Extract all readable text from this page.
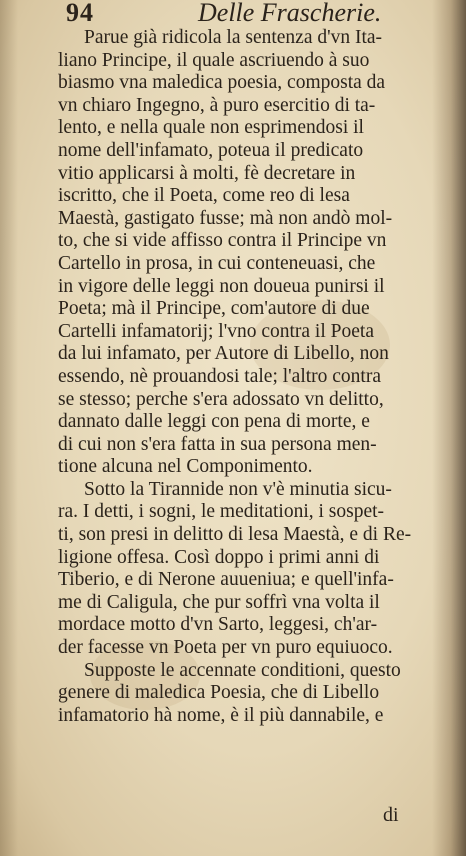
94	Delle Frascherie.
Parue già ridicola la sentenza d'vn Ita-
liano Principe, il quale ascriuendo à suo
biasmo vna maledica poesia, composta da
vn chiaro Ingegno, à puro esercitio di ta-
lento, e nella quale non esprimendosi il
nome dell'infamato, poteua il predicato
vitio applicarsi à molti, fè decretare in
iscritto, che il Poeta, come reo di lesa
Maestà, gastigato fusse; mà non andò mol-
to, che si vide affisso contra il Principe vn
Cartello in prosa, in cui conteneuasi, che
in vigore delle leggi non doueua punirsi il
Poeta; mà il Principe, com'autore di due
Cartelli infamatorij; l'vno contra il Poeta
da lui infamato, per Autore di Libello, non
essendo, nè prouandosi tale; l'altro contra
se stesso; perche s'era adossato vn delitto,
dannato dalle leggi con pena di morte, e
di cui non s'era fatta in sua persona men-
tione alcuna nel Componimento.
Sotto la Tirannide non v'è minutia sicu-
ra. I detti, i sogni, le meditationi, i sospet-
ti, son presi in delitto di lesa Maestà, e di Re-
ligione offesa. Così doppo i primi anni di
Tiberio, e di Nerone auueniua; e quell'infa-
me di Caligula, che pur soffrì vna volta il
mordace motto d'vn Sarto, leggesi, ch'ar-
der facesse vn Poeta per vn puro equiuoco.
Supposte le accennate conditioni, questo
genere di maledica Poesia, che di Libello
infamatorio hà nome, è il più dannabile, e
di
